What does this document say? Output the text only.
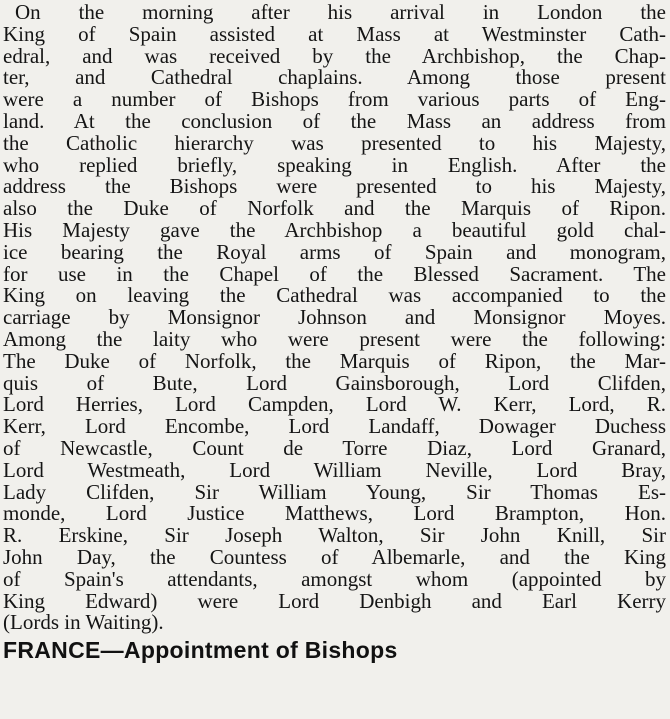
On the morning after his arrival in London the
King of Spain assisted at Mass at Westminster Cath-
edral, and was received by the Archbishop, the Chap-
ter, and Cathedral chaplains. Among those present
were a number of Bishops from various parts of Eng-
land. At the conclusion of the Mass an address from
the Catholic hierarchy was presented to his Majesty,
who replied briefly, speaking in English. After the
address the Bishops were presented to his Majesty,
also the Duke of Norfolk and the Marquis of Ripon.
His Majesty gave the Archbishop a beautiful gold chal-
ice bearing the Royal arms of Spain and monogram,
for use in the Chapel of the Blessed Sacrament. The
King on leaving the Cathedral was accompanied to the
carriage by Monsignor Johnson and Monsignor Moyes.
Among the laity who were present were the following:
The Duke of Norfolk, the Marquis of Ripon, the Mar-
quis of Bute, Lord Gainsborough, Lord Clifden,
Lord Herries, Lord Campden, Lord W. Kerr, Lord, R.
Kerr, Lord Encombe, Lord Landaff, Dowager Duchess
of Newcastle, Count de Torre Diaz, Lord Granard,
Lord Westmeath, Lord William Neville, Lord Bray,
Lady Clifden, Sir William Young, Sir Thomas Es-
monde, Lord Justice Matthews, Lord Brampton, Hon.
R. Erskine, Sir Joseph Walton, Sir John Knill, Sir
John Day, the Countess of Albemarle, and the King
of Spain's attendants, amongst whom (appointed by
King Edward) were Lord Denbigh and Earl Kerry
(Lords in Waiting).
FRANCE—Appointment of Bishops
